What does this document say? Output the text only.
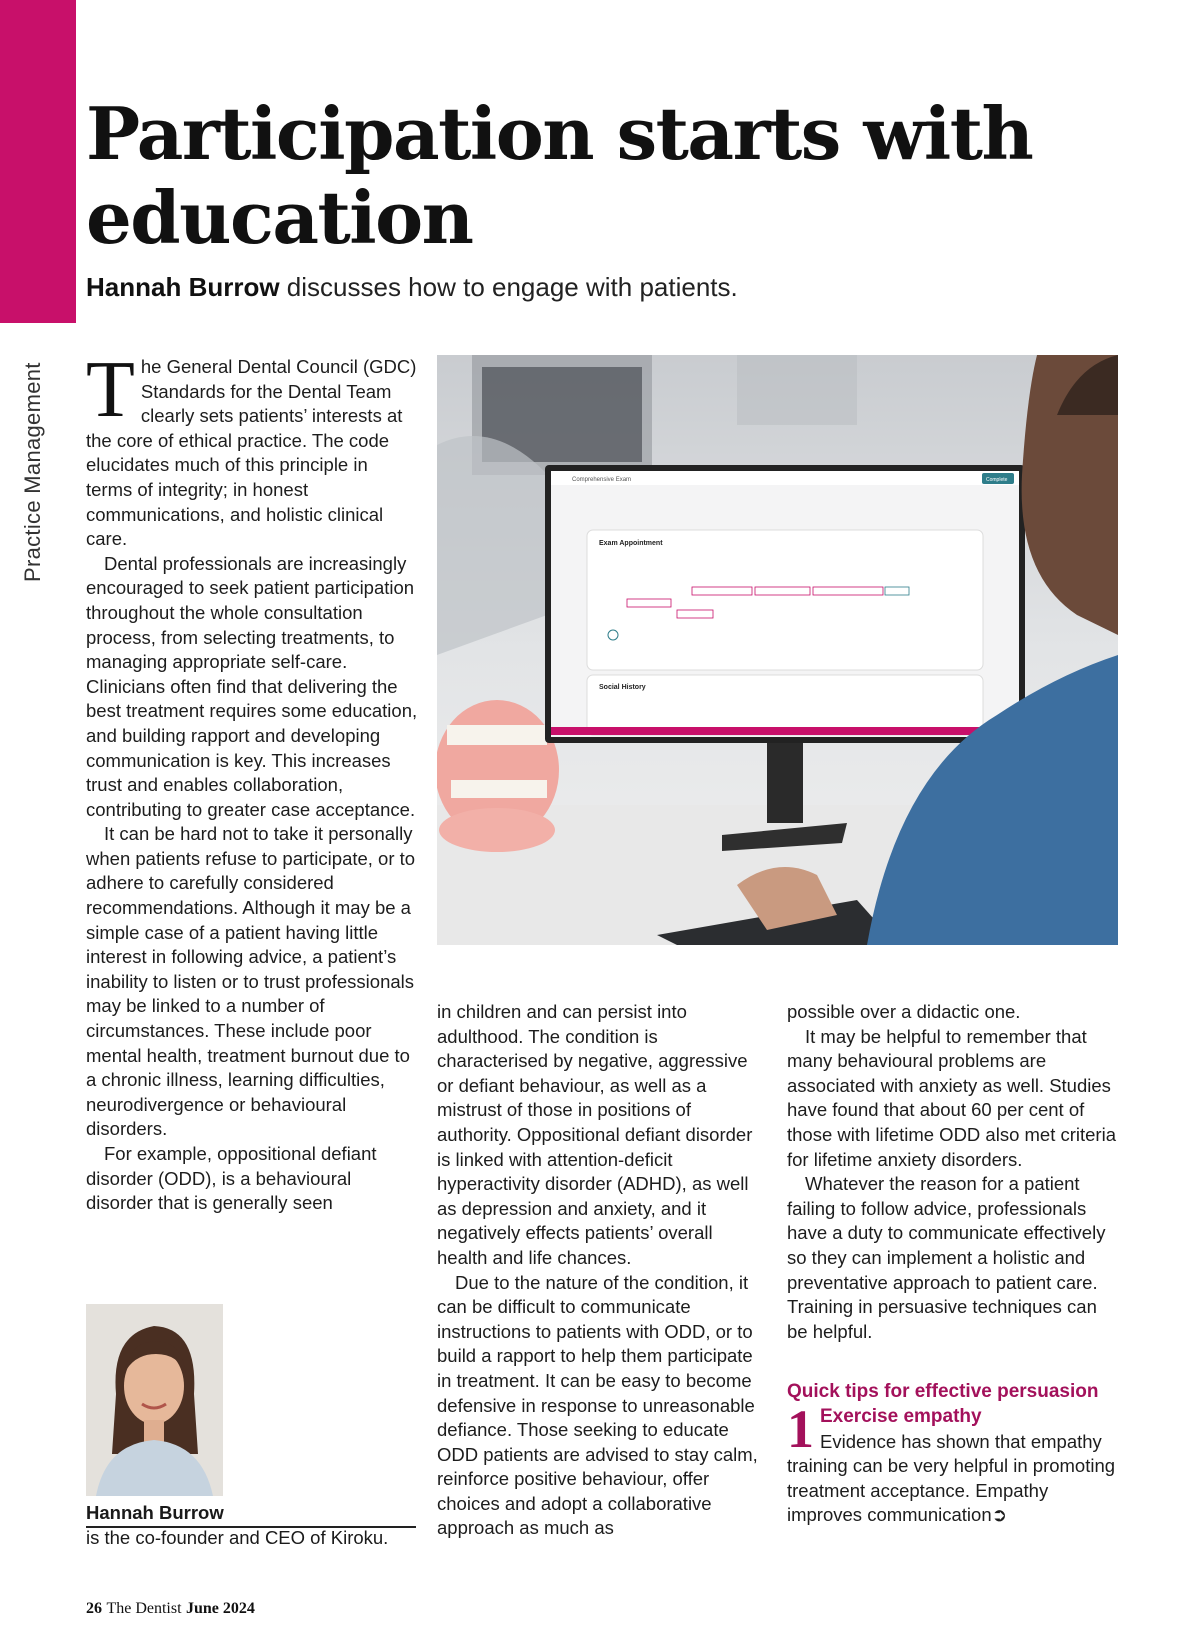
Practice Management
Participation starts with education
Hannah Burrow discusses how to engage with patients.

The General Dental Council (GDC) Standards for the Dental Team clearly sets patients’ interests at the core of ethical practice. The code elucidates much of this principle in terms of integrity; in honest communications, and holistic clinical care.

Dental professionals are increasingly encouraged to seek patient participation throughout the whole consultation process, from selecting treatments, to managing appropriate self-care. Clinicians often find that delivering the best treatment requires some education, and building rapport and developing communication is key. This increases trust and enables collaboration, contributing to greater case acceptance.

It can be hard not to take it personally when patients refuse to participate, or to adhere to carefully considered recommendations. Although it may be a simple case of a patient having little interest in following advice, a patient’s inability to listen or to trust professionals may be linked to a number of circumstances. These include poor mental health, treatment burnout due to a chronic illness, learning difficulties, neurodivergence or behavioural disorders.

For example, oppositional defiant disorder (ODD), is a behavioural disorder that is generally seen

Comprehensive Exam	Complete
Exam Appointment
Social History

in children and can persist into adulthood. The condition is characterised by negative, aggressive or defiant behaviour, as well as a mistrust of those in positions of authority. Oppositional defiant disorder is linked with attention-deficit hyperactivity disorder (ADHD), as well as depression and anxiety, and it negatively effects patients’ overall health and life chances.

Due to the nature of the condition, it can be difficult to communicate instructions to patients with ODD, or to build a rapport to help them participate in treatment. It can be easy to become defensive in response to unreasonable defiance. Those seeking to educate ODD patients are advised to stay calm, reinforce positive behaviour, offer choices and adopt a collaborative approach as much as

possible over a didactic one.

It may be helpful to remember that many behavioural problems are associated with anxiety as well. Studies have found that about 60 per cent of those with lifetime ODD also met criteria for lifetime anxiety disorders.

Whatever the reason for a patient failing to follow advice, professionals have a duty to communicate effectively so they can implement a holistic and preventative approach to patient care. Training in persuasive techniques can be helpful.

Quick tips for effective persuasion

1 Exercise empathy
Evidence has shown that empathy training can be very helpful in promoting treatment acceptance. Empathy improves communication➲

Hannah Burrow
is the co-founder and CEO of Kiroku.
26 The Dentist June 2024
